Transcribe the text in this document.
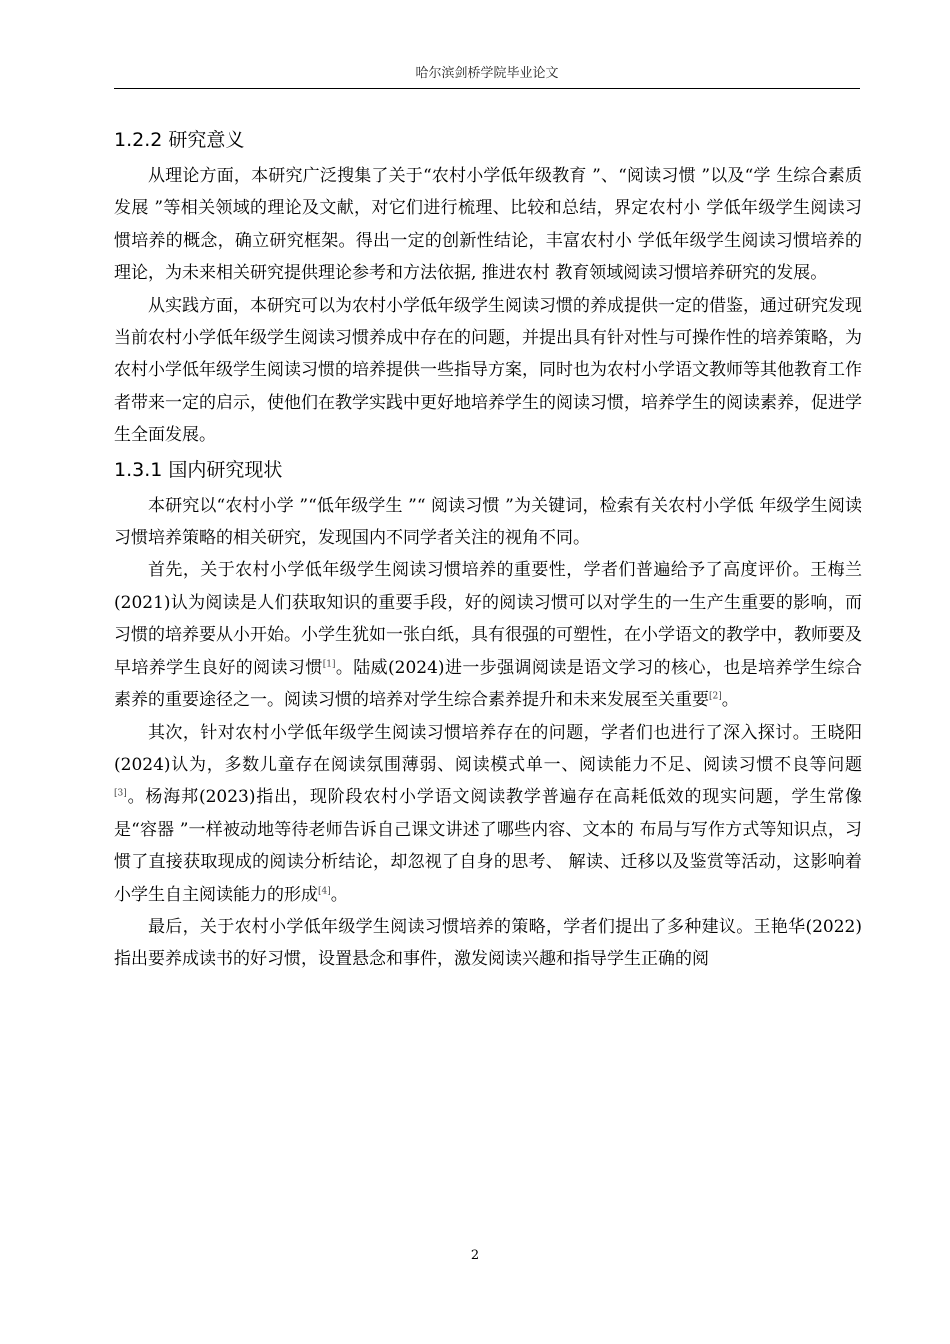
哈尔滨剑桥学院毕业论文
1.2.2 研究意义

从理论方面，本研究广泛搜集了关于“农村小学低年级教育 ”、“阅读习惯 ”以及“学 生综合素质发展 ”等相关领域的理论及文献，对它们进行梳理、比较和总结，界定农村小 学低年级学生阅读习惯培养的概念，确立研究框架。得出一定的创新性结论，丰富农村小 学低年级学生阅读习惯培养的理论，为未来相关研究提供理论参考和方法依据, 推进农村 教育领域阅读习惯培养研究的发展。

从实践方面，本研究可以为农村小学低年级学生阅读习惯的养成提供一定的借鉴，通过研究发现当前农村小学低年级学生阅读习惯养成中存在的问题，并提出具有针对性与可操作性的培养策略，为农村小学低年级学生阅读习惯的培养提供一些指导方案，同时也为农村小学语文教师等其他教育工作者带来一定的启示，使他们在教学实践中更好地培养学生的阅读习惯，培养学生的阅读素养，促进学生全面发展。

1.3.1 国内研究现状

本研究以“农村小学 ”“低年级学生 ”“ 阅读习惯 ”为关键词，检索有关农村小学低 年级学生阅读习惯培养策略的相关研究，发现国内不同学者关注的视角不同。

首先，关于农村小学低年级学生阅读习惯培养的重要性，学者们普遍给予了高度评价。王梅兰(2021)认为阅读是人们获取知识的重要手段，好的阅读习惯可以对学生的一生产生重要的影响，而习惯的培养要从小开始。小学生犹如一张白纸，具有很强的可塑性，在小学语文的教学中，教师要及早培养学生良好的阅读习惯[1]。陆威(2024)进一步强调阅读是语文学习的核心，也是培养学生综合素养的重要途径之一。阅读习惯的培养对学生综合素养提升和未来发展至关重要[2]。

其次，针对农村小学低年级学生阅读习惯培养存在的问题，学者们也进行了深入探讨。王晓阳(2024)认为，多数儿童存在阅读氛围薄弱、阅读模式单一、阅读能力不足、阅读习惯不良等问题[3]。杨海邦(2023)指出，现阶段农村小学语文阅读教学普遍存在高耗低效的现实问题，学生常像是“容器 ”一样被动地等待老师告诉自己课文讲述了哪些内容、文本的 布局与写作方式等知识点，习惯了直接获取现成的阅读分析结论，却忽视了自身的思考、 解读、迁移以及鉴赏等活动，这影响着小学生自主阅读能力的形成[4]。

最后，关于农村小学低年级学生阅读习惯培养的策略，学者们提出了多种建议。王艳华(2022)指出要养成读书的好习惯，设置悬念和事件，激发阅读兴趣和指导学生正确的阅

2
